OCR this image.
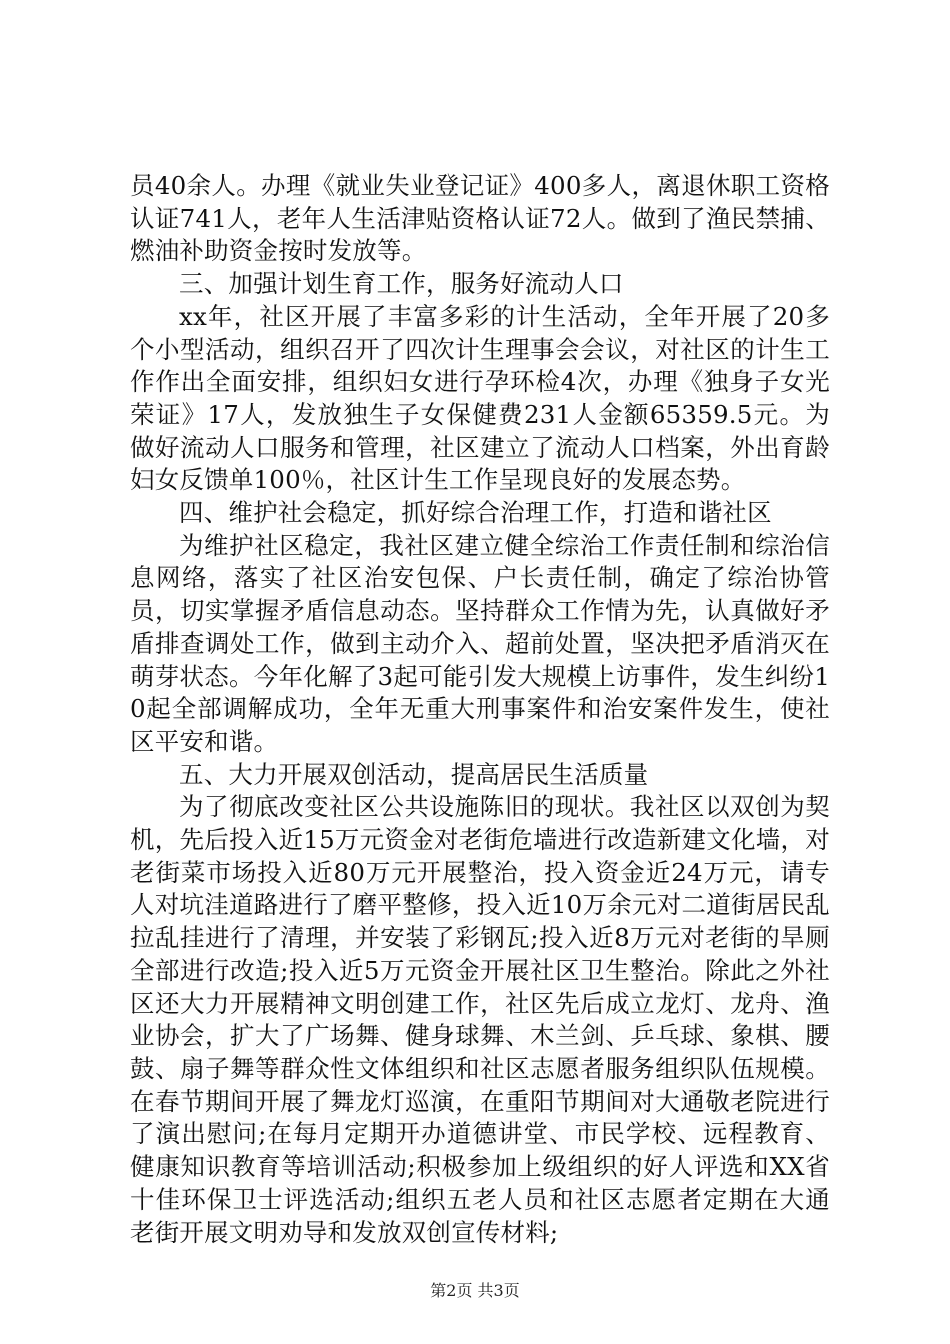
员40余人。办理《就业失业登记证》400多人，离退休职工资格认证741人，老年人生活津贴资格认证72人。做到了渔民禁捕、燃油补助资金按时发放等。

三、加强计划生育工作，服务好流动人口

xx年，社区开展了丰富多彩的计生活动，全年开展了20多个小型活动，组织召开了四次计生理事会会议，对社区的计生工作作出全面安排，组织妇女进行孕环检4次，办理《独身子女光荣证》17人，发放独生子女保健费231人金额65359.5元。为做好流动人口服务和管理，社区建立了流动人口档案，外出育龄妇女反馈单100％，社区计生工作呈现良好的发展态势。

四、维护社会稳定，抓好综合治理工作，打造和谐社区

为维护社区稳定，我社区建立健全综治工作责任制和综治信息网络，落实了社区治安包保、户长责任制，确定了综治协管员，切实掌握矛盾信息动态。坚持群众工作情为先，认真做好矛盾排查调处工作，做到主动介入、超前处置，坚决把矛盾消灭在萌芽状态。今年化解了3起可能引发大规模上访事件，发生纠纷10起全部调解成功，全年无重大刑事案件和治安案件发生，使社区平安和谐。

五、大力开展双创活动，提高居民生活质量

为了彻底改变社区公共设施陈旧的现状。我社区以双创为契机，先后投入近15万元资金对老街危墙进行改造新建文化墙，对老街菜市场投入近80万元开展整治，投入资金近24万元，请专人对坑洼道路进行了磨平整修，投入近10万余元对二道街居民乱拉乱挂进行了清理，并安装了彩钢瓦;投入近8万元对老街的旱厕全部进行改造;投入近5万元资金开展社区卫生整治。除此之外社区还大力开展精神文明创建工作，社区先后成立龙灯、龙舟、渔业协会，扩大了广场舞、健身球舞、木兰剑、乒乓球、象棋、腰鼓、扇子舞等群众性文体组织和社区志愿者服务组织队伍规模。在春节期间开展了舞龙灯巡演，在重阳节期间对大通敬老院进行了演出慰问;在每月定期开办道德讲堂、市民学校、远程教育、健康知识教育等培训活动;积极参加上级组织的好人评选和XX省十佳环保卫士评选活动;组织五老人员和社区志愿者定期在大通老街开展文明劝导和发放双创宣传材料;

第2页 共3页
